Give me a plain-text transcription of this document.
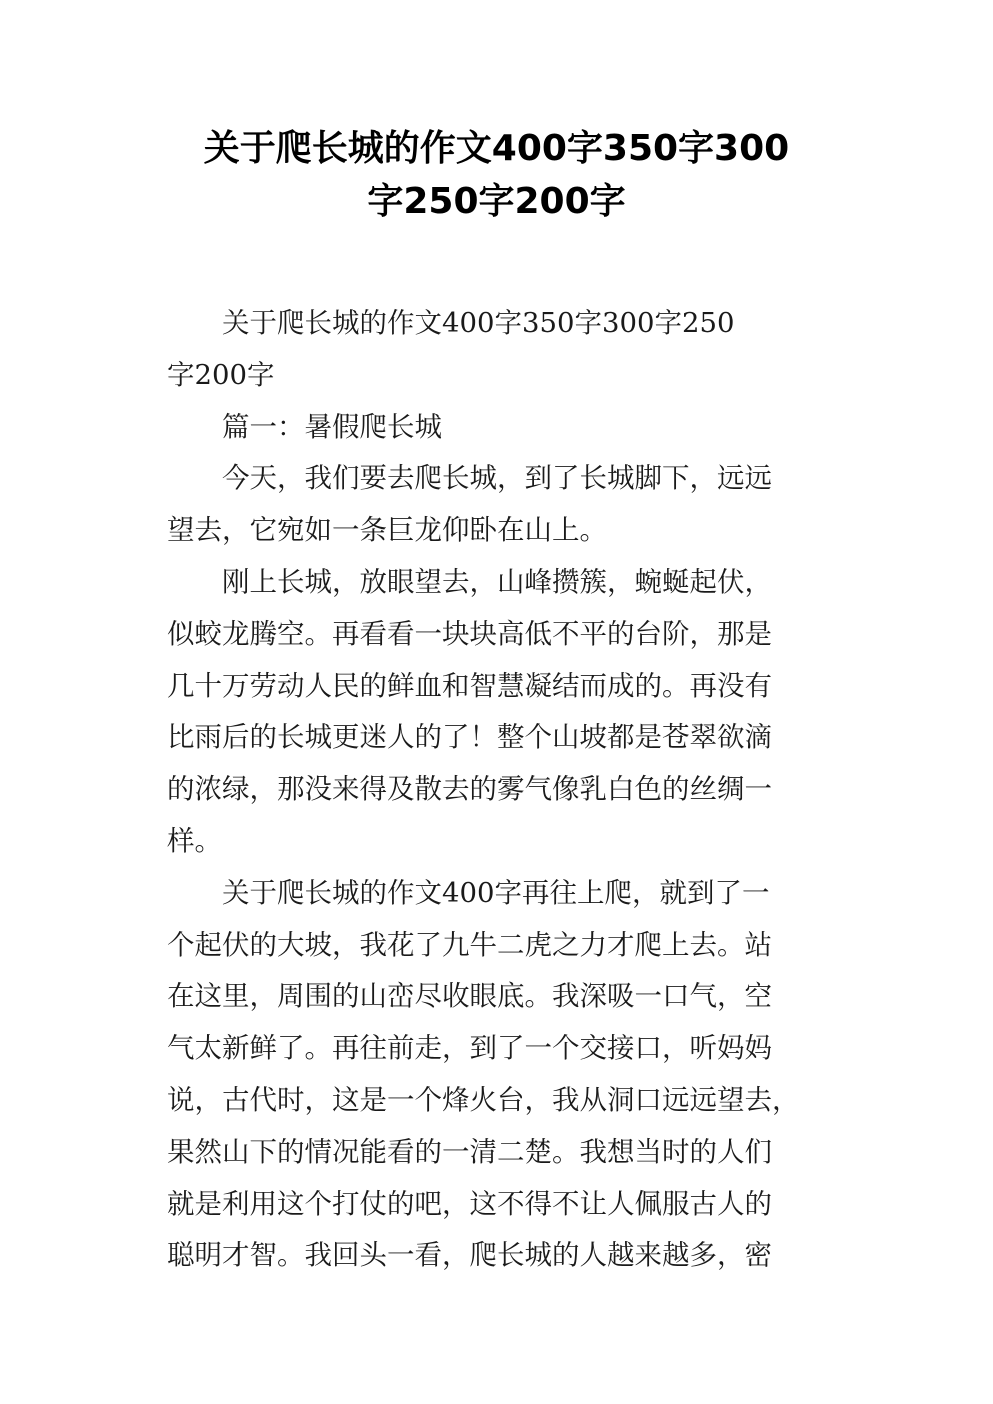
关于爬长城的作文400字350字300
字250字200字

关于爬长城的作文400字350字300字250
字200字

篇一：暑假爬长城

今天，我们要去爬长城，到了长城脚下，远远
望去，它宛如一条巨龙仰卧在山上。

刚上长城，放眼望去，山峰攒簇，蜿蜒起伏，
似蛟龙腾空。再看看一块块高低不平的台阶，那是
几十万劳动人民的鲜血和智慧凝结而成的。再没有
比雨后的长城更迷人的了！整个山坡都是苍翠欲滴
的浓绿，那没来得及散去的雾气像乳白色的丝绸一
样。

关于爬长城的作文400字再往上爬，就到了一
个起伏的大坡，我花了九牛二虎之力才爬上去。站
在这里，周围的山峦尽收眼底。我深吸一口气，空
气太新鲜了。再往前走，到了一个交接口，听妈妈
说，古代时，这是一个烽火台，我从洞口远远望去，
果然山下的情况能看的一清二楚。我想当时的人们
就是利用这个打仗的吧，这不得不让人佩服古人的
聪明才智。我回头一看，爬长城的人越来越多，密
